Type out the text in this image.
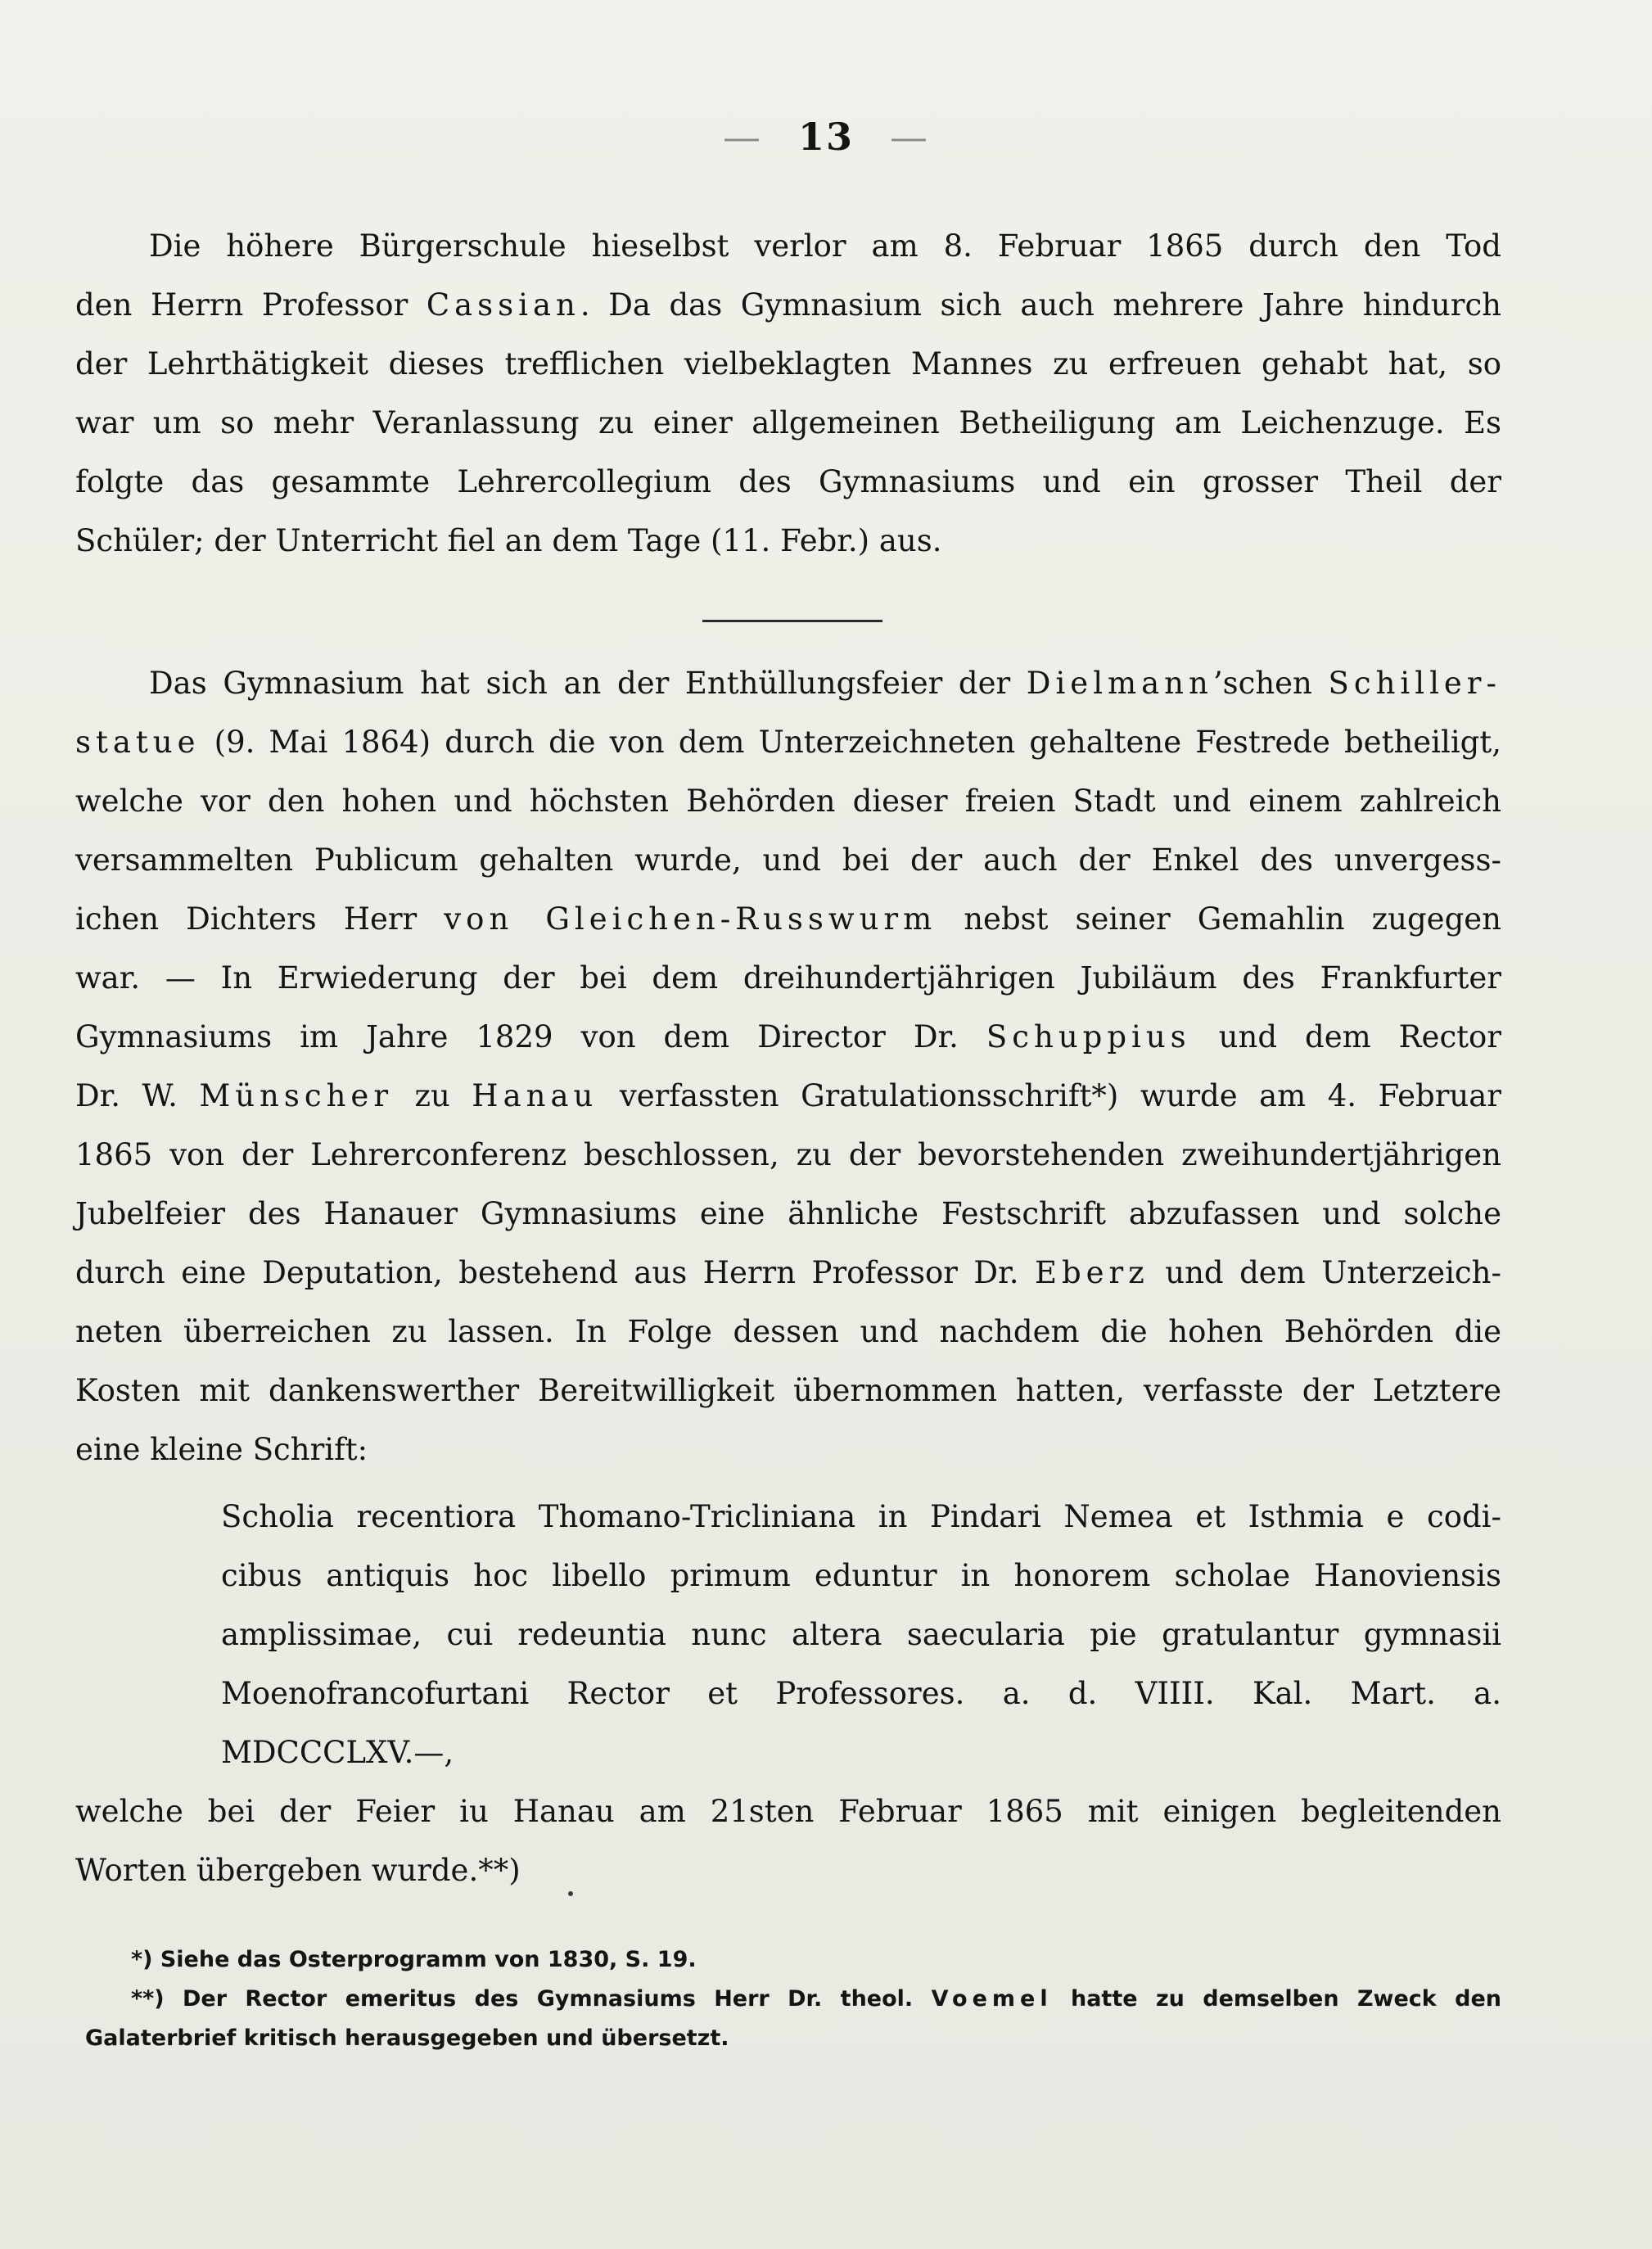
— 13 —
Die höhere Bürgerschule hieselbst verlor am 8. Februar 1865 durch den Tod
den Herrn Professor Cassian. Da das Gymnasium sich auch mehrere Jahre hindurch
der Lehrthätigkeit dieses trefflichen vielbeklagten Mannes zu erfreuen gehabt hat, so
war um so mehr Veranlassung zu einer allgemeinen Betheiligung am Leichenzuge. Es
folgte das gesammte Lehrercollegium des Gymnasiums und ein grosser Theil der
Schüler; der Unterricht fiel an dem Tage (11. Febr.) aus.
Das Gymnasium hat sich an der Enthüllungsfeier der Dielmann’schen Schiller-
statue (9. Mai 1864) durch die von dem Unterzeichneten gehaltene Festrede betheiligt,
welche vor den hohen und höchsten Behörden dieser freien Stadt und einem zahlreich
versammelten Publicum gehalten wurde, und bei der auch der Enkel des unvergess-
ichen Dichters Herr von Gleichen-Russwurm nebst seiner Gemahlin zugegen
war. — In Erwiederung der bei dem dreihundertjährigen Jubiläum des Frankfurter
Gymnasiums im Jahre 1829 von dem Director Dr. Schuppius und dem Rector
Dr. W. Münscher zu Hanau verfassten Gratulationsschrift*) wurde am 4. Februar
1865 von der Lehrerconferenz beschlossen, zu der bevorstehenden zweihundertjährigen
Jubelfeier des Hanauer Gymnasiums eine ähnliche Festschrift abzufassen und solche
durch eine Deputation, bestehend aus Herrn Professor Dr. Eberz und dem Unterzeich-
neten überreichen zu lassen. In Folge dessen und nachdem die hohen Behörden die
Kosten mit dankenswerther Bereitwilligkeit übernommen hatten, verfasste der Letztere
eine kleine Schrift:
Scholia recentiora Thomano-Tricliniana in Pindari Nemea et Isthmia e codi-
cibus antiquis hoc libello primum eduntur in honorem scholae Hanoviensis
amplissimae, cui redeuntia nunc altera saecularia pie gratulantur gymnasii
Moenofrancofurtani Rector et Professores. a. d. VIIII. Kal. Mart. a.
MDCCCLXV.—,
welche bei der Feier iu Hanau am 21sten Februar 1865 mit einigen begleitenden
Worten übergeben wurde.**)
*) Siehe das Osterprogramm von 1830, S. 19.
**) Der Rector emeritus des Gymnasiums Herr Dr. theol. Voemel hatte zu demselben Zweck den
Galaterbrief kritisch herausgegeben und übersetzt.
